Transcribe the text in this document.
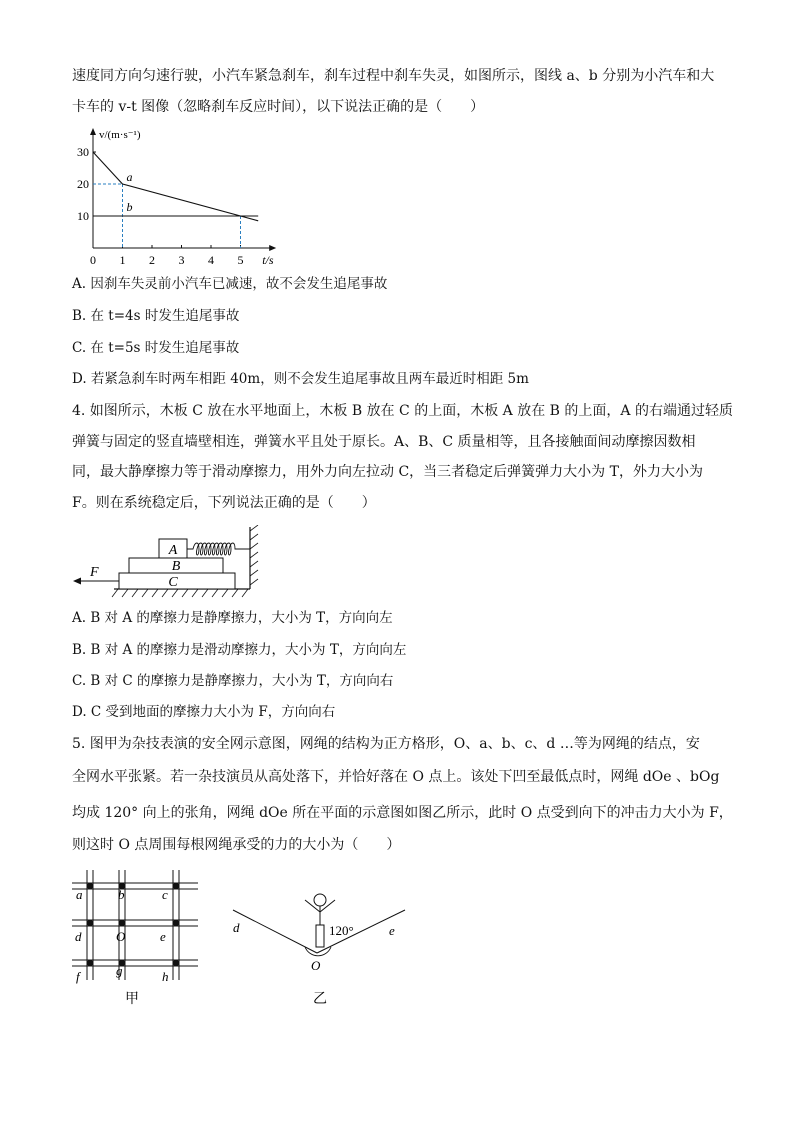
速度同方向匀速行驶，小汽车紧急刹车，刹车过程中刹车失灵，如图所示，图线 a、b 分别为小汽车和大
卡车的 v-t 图像（忽略刹车反应时间），以下说法正确的是（　　）
v/(m·s⁻¹)
t/s
0 1 2 3 4 5
10
20
30
a
b
A. 因刹车失灵前小汽车已减速，故不会发生追尾事故
B. 在 t=4s 时发生追尾事故
C. 在 t=5s 时发生追尾事故
D. 若紧急刹车时两车相距 40m，则不会发生追尾事故且两车最近时相距 5m
4. 如图所示，木板 C 放在水平地面上，木板 B 放在 C 的上面，木板 A 放在 B 的上面，A 的右端通过轻质
弹簧与固定的竖直墙壁相连，弹簧水平且处于原长。A、B、C 质量相等，且各接触面间动摩擦因数相
同，最大静摩擦力等于滑动摩擦力，用外力向左拉动 C，当三者稳定后弹簧弹力大小为 T，外力大小为
F。则在系统稳定后，下列说法正确的是（　　）
A
B
C
F
A. B 对 A 的摩擦力是静摩擦力，大小为 T，方向向左
B. B 对 A 的摩擦力是滑动摩擦力，大小为 T，方向向左
C. B 对 C 的摩擦力是静摩擦力，大小为 T，方向向右
D. C 受到地面的摩擦力大小为 F，方向向右
5. 图甲为杂技表演的安全网示意图，网绳的结构为正方格形，O、a、b、c、d …等为网绳的结点，安
全网水平张紧。若一杂技演员从高处落下，并恰好落在 O 点上。该处下凹至最低点时，网绳 dOe 、bOg
均成 120° 向上的张角，网绳 dOe 所在平面的示意图如图乙所示，此时 O 点受到向下的冲击力大小为 F，
则这时 O 点周围每根网绳承受的力的大小为（　　）
a	b	c
d	O	e
f	g	h
甲
120°
d	e
O
乙
